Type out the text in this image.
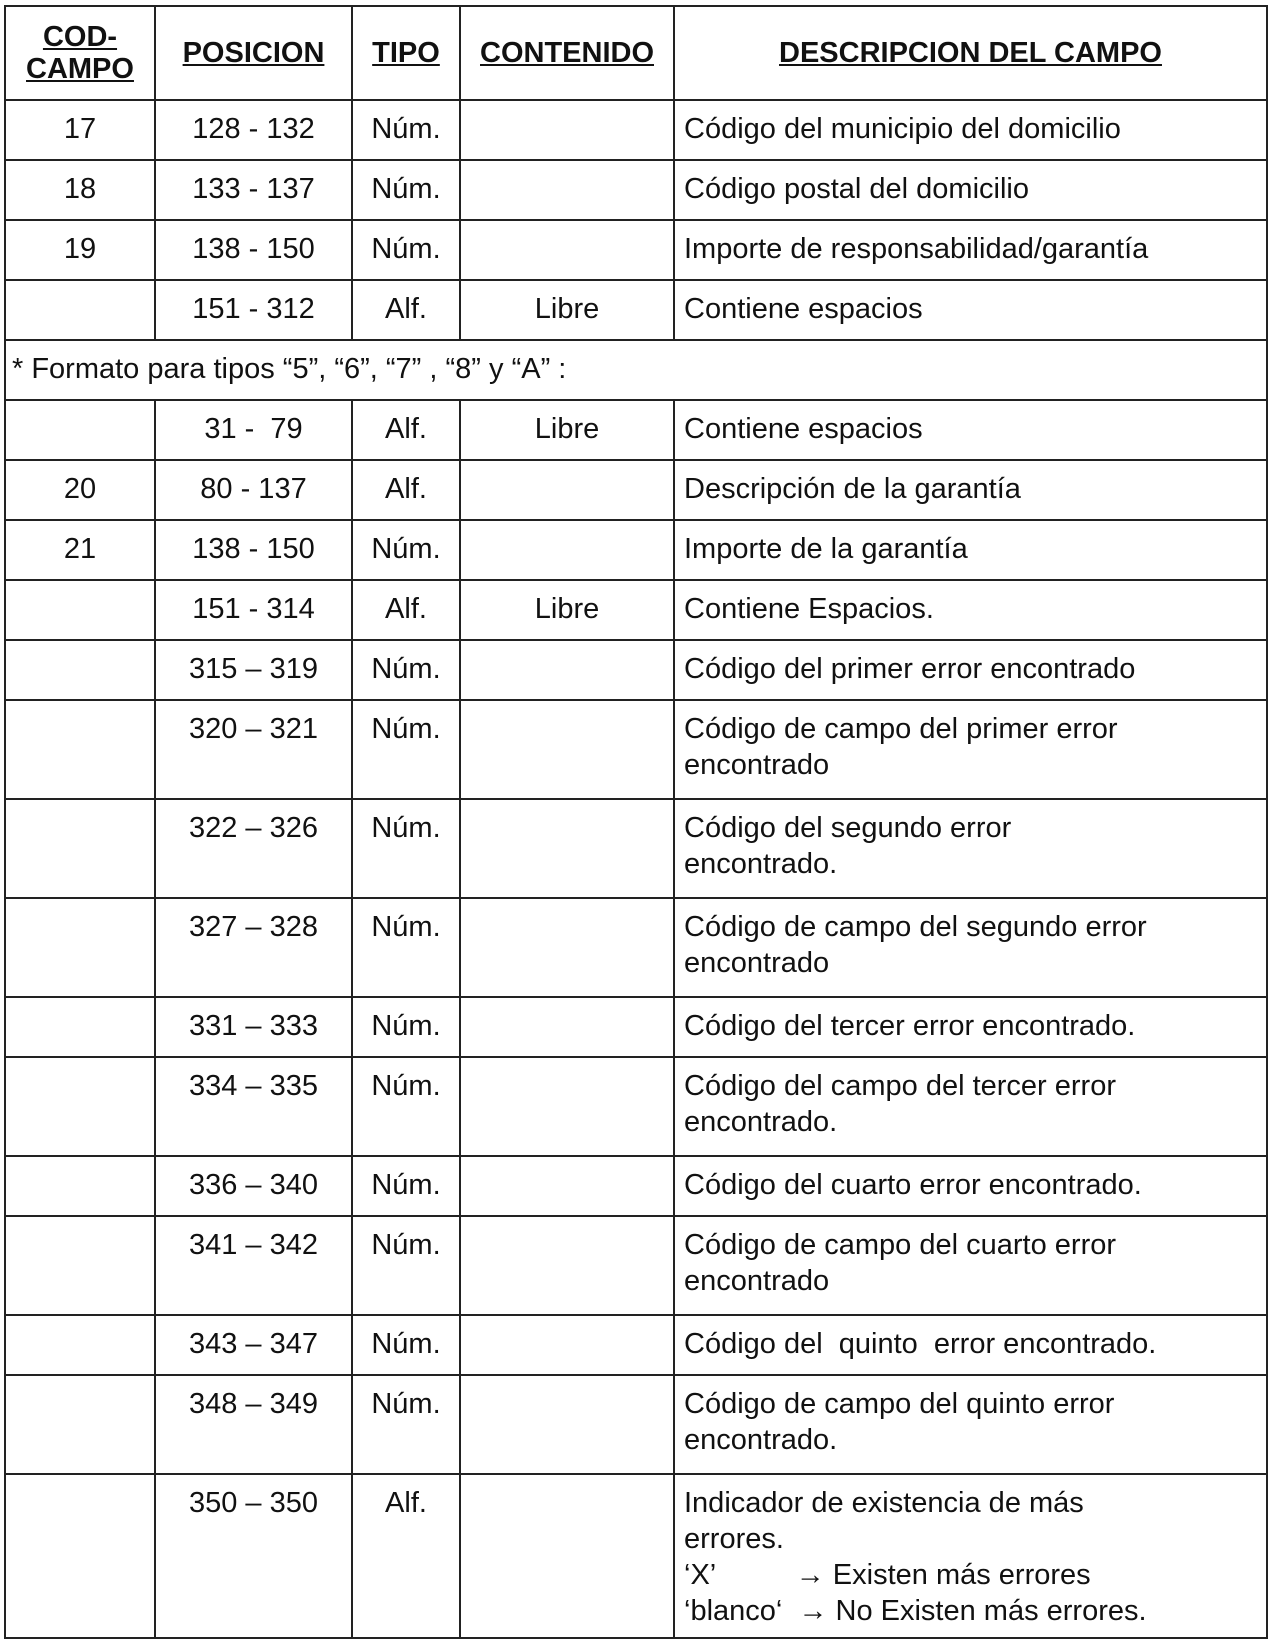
COD-
CAMPO	POSICION	TIPO	CONTENIDO	DESCRIPCION DEL CAMPO
17	128 - 132	Núm.		Código del municipio del domicilio
18	133 - 137	Núm.		Código postal del domicilio
19	138 - 150	Núm.		Importe de responsabilidad/garantía
	151 - 312	Alf.	Libre	Contiene espacios
* Formato para tipos “5”, “6”, “7” , “8” y “A” :				
	31 -  79	Alf.	Libre	Contiene espacios
20	80 - 137	Alf.		Descripción de la garantía
21	138 - 150	Núm.		Importe de la garantía
	151 - 314	Alf.	Libre	Contiene Espacios.
	315 – 319	Núm.		Código del primer error encontrado
	320 – 321	Núm.		Código de campo del primer error
encontrado

	322 – 326	Núm.		Código del segundo error
encontrado.

	327 – 328	Núm.		Código de campo del segundo error
encontrado

	331 – 333	Núm.		Código del tercer error encontrado.
	334 – 335	Núm.		Código del campo del tercer error
encontrado.

	336 – 340	Núm.		Código del cuarto error encontrado.
	341 – 342	Núm.		Código de campo del cuarto error
encontrado

	343 – 347	Núm.		Código del  quinto  error encontrado.
	348 – 349	Núm.		Código de campo del quinto error
encontrado.

	350 – 350	Alf.		Indicador de existencia de más
errores.
‘X’          → Existen más errores
‘blanco‘  → No Existen más errores.
